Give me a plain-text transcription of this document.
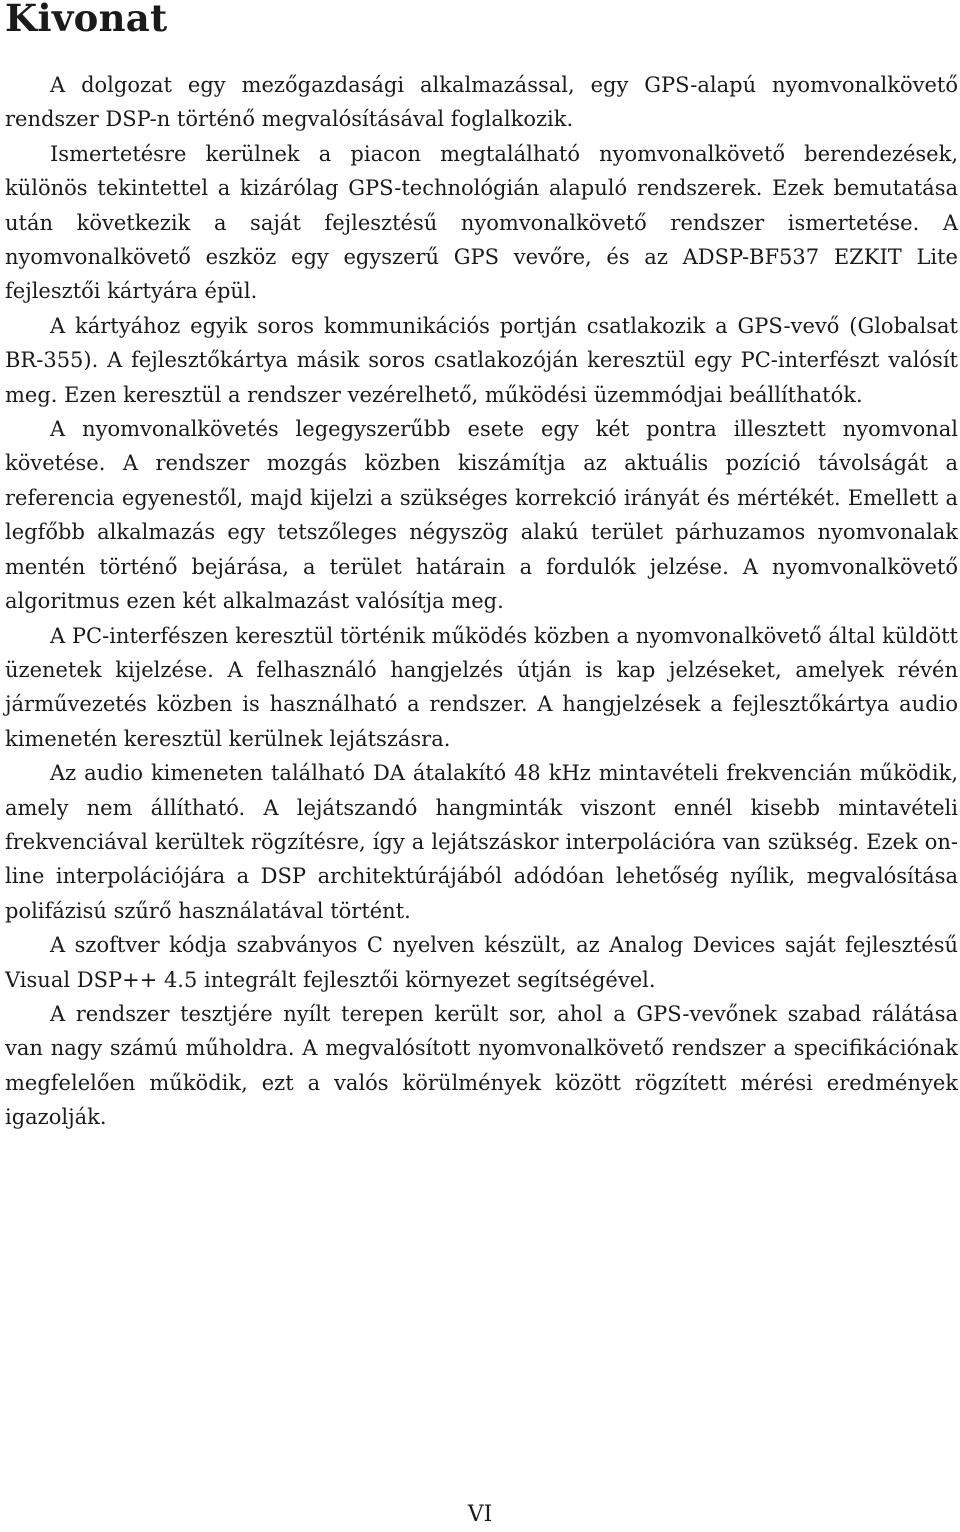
Kivonat

A dolgozat egy mezőgazdasági alkalmazással, egy GPS-alapú nyomvonalkövető rendszer DSP-n történő megvalósításával foglalkozik.

Ismertetésre kerülnek a piacon megtalálható nyomvonalkövető berendezések, különös tekintettel a kizárólag GPS-technológián alapuló rendszerek. Ezek bemutatása után következik a saját fejlesztésű nyomvonalkövető rendszer ismertetése. A nyomvonalkövető eszköz egy egyszerű GPS vevőre, és az ADSP-BF537 EZKIT Lite fejlesztői kártyára épül.

A kártyához egyik soros kommunikációs portján csatlakozik a GPS-vevő (Globalsat BR-355). A fejlesztőkártya másik soros csatlakozóján keresztül egy PC-interfészt valósít meg. Ezen keresztül a rendszer vezérelhető, működési üzemmódjai beállíthatók.

A nyomvonalkövetés legegyszerűbb esete egy két pontra illesztett nyomvonal követése. A rendszer mozgás közben kiszámítja az aktuális pozíció távolságát a referencia egyenestől, majd kijelzi a szükséges korrekció irányát és mértékét. Emellett a legfőbb alkalmazás egy tetszőleges négyszög alakú terület párhuzamos nyomvonalak mentén történő bejárása, a terület határain a fordulók jelzése. A nyomvonalkövető algoritmus ezen két alkalmazást valósítja meg.

A PC-interfészen keresztül történik működés közben a nyomvonalkövető által küldött üzenetek kijelzése. A felhasználó hangjelzés útján is kap jelzéseket, amelyek révén járművezetés közben is használható a rendszer. A hangjelzések a fejlesztőkártya audio kimenetén keresztül kerülnek lejátszásra.

Az audio kimeneten található DA átalakító 48 kHz mintavételi frekvencián működik, amely nem állítható. A lejátszandó hangminták viszont ennél kisebb mintavételi frekvenciával kerültek rögzítésre, így a lejátszáskor interpolációra van szükség. Ezek on-line interpolációjára a DSP architektúrájából adódóan lehetőség nyílik, megvalósítása polifázisú szűrő használatával történt.

A szoftver kódja szabványos C nyelven készült, az Analog Devices saját fejlesztésű Visual DSP++ 4.5 integrált fejlesztői környezet segítségével.

A rendszer tesztjére nyílt terepen került sor, ahol a GPS-vevőnek szabad rálátása van nagy számú műholdra. A megvalósított nyomvonalkövető rendszer a specifikációnak megfelelően működik, ezt a valós körülmények között rögzített mérési eredmények igazolják.

VI
